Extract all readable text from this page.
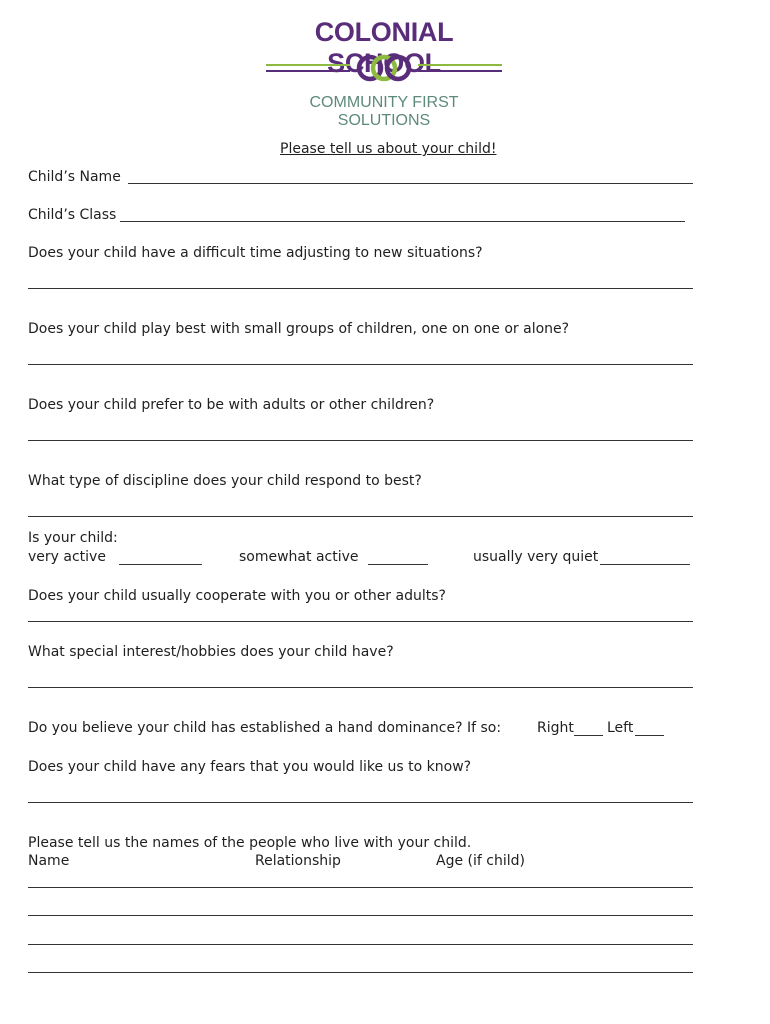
COLONIAL SCHOOL
COMMUNITY FIRST SOLUTIONS
Please tell us about your child!
Child’s Name
Child’s Class
Does your child have a difficult time adjusting to new situations?
Does your child play best with small groups of children, one on one or alone?
Does your child prefer to be with adults or other children?
What type of discipline does your child respond to best?
Is your child:
very active	somewhat active	usually very quiet
Does your child usually cooperate with you or other adults?
What special interest/hobbies does your child have?
Do you believe your child has established a hand dominance? If so:	Right Left
Does your child have any fears that you would like us to know?
Please tell us the names of the people who live with your child.
Name	Relationship	Age (if child)
